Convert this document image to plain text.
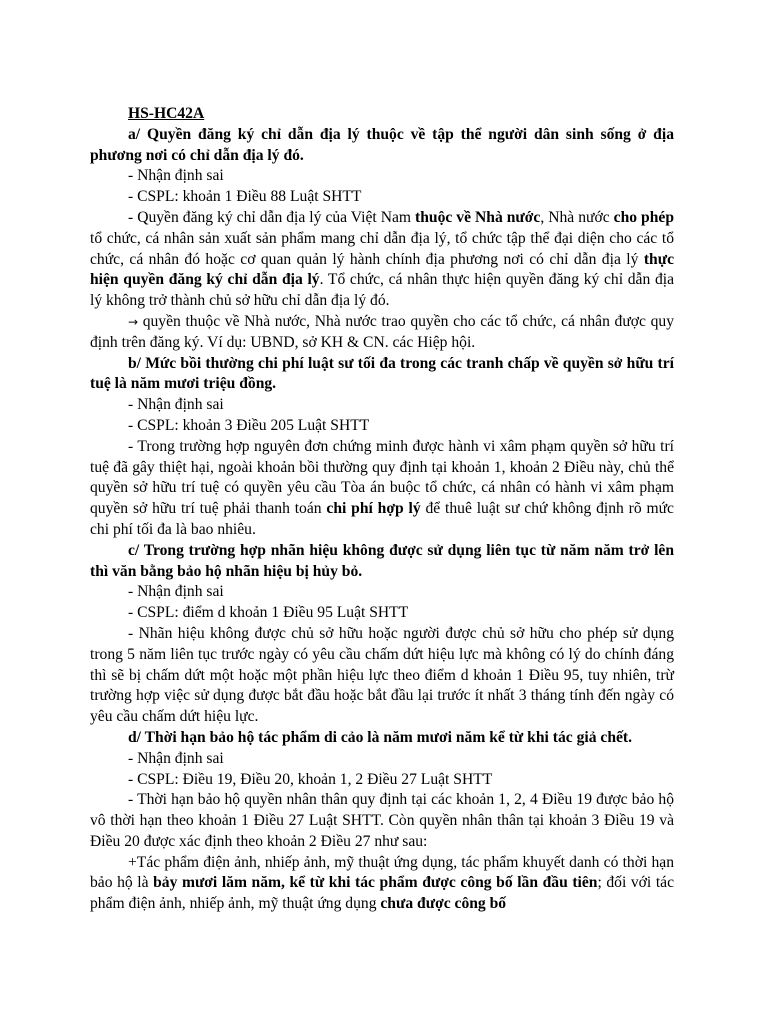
HS-HC42A

a/ Quyền đăng ký chỉ dẫn địa lý thuộc về tập thể người dân sinh sống ở địa phương nơi có chỉ dẫn địa lý đó.

- Nhận định sai

- CSPL: khoản 1 Điều 88 Luật SHTT

- Quyền đăng ký chỉ dẫn địa lý của Việt Nam thuộc về Nhà nước, Nhà nước cho phép tổ chức, cá nhân sản xuất sản phẩm mang chỉ dẫn địa lý, tổ chức tập thể đại diện cho các tổ chức, cá nhân đó hoặc cơ quan quản lý hành chính địa phương nơi có chỉ dẫn địa lý thực hiện quyền đăng ký chỉ dẫn địa lý. Tổ chức, cá nhân thực hiện quyền đăng ký chỉ dẫn địa lý không trở thành chủ sở hữu chỉ dẫn địa lý đó.

→ quyền thuộc về Nhà nước, Nhà nước trao quyền cho các tổ chức, cá nhân được quy định trên đăng ký. Ví dụ: UBND, sở KH & CN. các Hiệp hội.

b/ Mức bồi thường chi phí luật sư tối đa trong các tranh chấp về quyền sở hữu trí tuệ là năm mươi triệu đồng.

- Nhận định sai

- CSPL: khoản 3 Điều 205 Luật SHTT

- Trong trường hợp nguyên đơn chứng minh được hành vi xâm phạm quyền sở hữu trí tuệ đã gây thiệt hại, ngoài khoản bồi thường quy định tại khoản 1, khoản 2 Điều này, chủ thể quyền sở hữu trí tuệ có quyền yêu cầu Tòa án buộc tổ chức, cá nhân có hành vi xâm phạm quyền sở hữu trí tuệ phải thanh toán chi phí hợp lý để thuê luật sư chứ không định rõ mức chi phí tối đa là bao nhiêu.

c/ Trong trường hợp nhãn hiệu không được sử dụng liên tục từ năm năm trở lên thì văn bằng bảo hộ nhãn hiệu bị hủy bỏ.

- Nhận định sai

- CSPL: điểm d khoản 1 Điều 95 Luật SHTT

- Nhãn hiệu không được chủ sở hữu hoặc người được chủ sở hữu cho phép sử dụng trong 5 năm liên tục trước ngày có yêu cầu chấm dứt hiệu lực mà không có lý do chính đáng thì sẽ bị chấm dứt một hoặc một phần hiệu lực theo điểm d khoản 1 Điều 95, tuy nhiên, trừ trường hợp việc sử dụng được bắt đầu hoặc bắt đầu lại trước ít nhất 3 tháng tính đến ngày có yêu cầu chấm dứt hiệu lực.

d/ Thời hạn bảo hộ tác phẩm di cảo là năm mươi năm kể từ khi tác giả chết.

- Nhận định sai

- CSPL: Điều 19, Điều 20, khoản 1, 2 Điều 27 Luật SHTT

- Thời hạn bảo hộ quyền nhân thân quy định tại các khoản 1, 2, 4 Điều 19 được bảo hộ vô thời hạn theo khoản 1 Điều 27 Luật SHTT. Còn quyền nhân thân tại khoản 3 Điều 19 và Điều 20 được xác định theo khoản 2 Điều 27 như sau:

+Tác phẩm điện ảnh, nhiếp ảnh, mỹ thuật ứng dụng, tác phẩm khuyết danh có thời hạn bảo hộ là bảy mươi lăm năm, kể từ khi tác phẩm được công bố lần đầu tiên; đối với tác phẩm điện ảnh, nhiếp ảnh, mỹ thuật ứng dụng chưa được công bố
